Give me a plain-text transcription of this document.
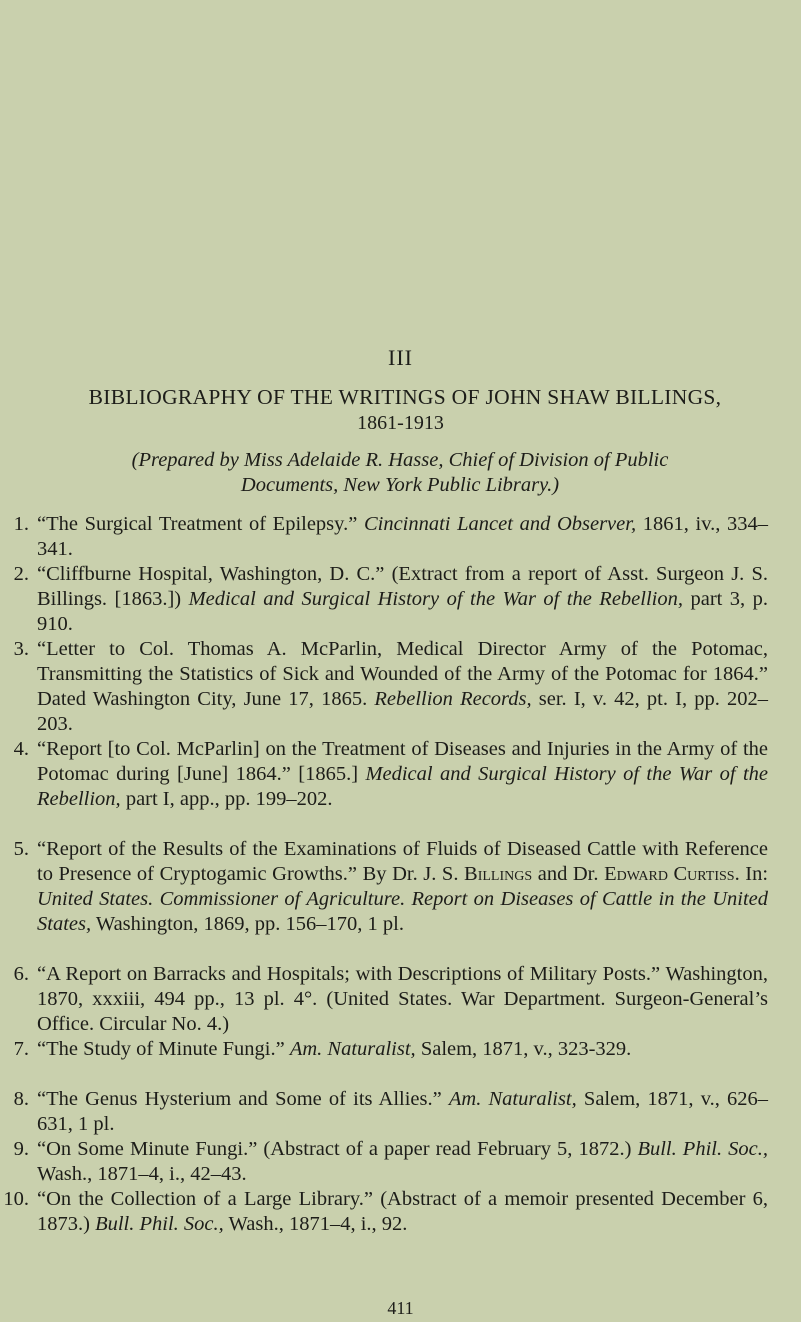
III
BIBLIOGRAPHY OF THE WRITINGS OF JOHN SHAW BILLINGS,
1861-1913
(Prepared by Miss Adelaide R. Hasse, Chief of Division of Public Documents, New York Public Library.)
1. “The Surgical Treatment of Epilepsy.” Cincinnati Lancet and Observer, 1861, iv., 334–341.
2. “Cliffburne Hospital, Washington, D. C.” (Extract from a report of Asst. Surgeon J. S. Billings. [1863.]) Medical and Surgical History of the War of the Rebellion, part 3, p. 910.
3. “Letter to Col. Thomas A. McParlin, Medical Director Army of the Potomac, Transmitting the Statistics of Sick and Wounded of the Army of the Potomac for 1864.” Dated Washington City, June 17, 1865. Rebellion Records, ser. I, v. 42, pt. I, pp. 202–203.
4. “Report [to Col. McParlin] on the Treatment of Diseases and Injuries in the Army of the Potomac during [June] 1864.” [1865.] Medical and Surgical History of the War of the Rebellion, part I, app., pp. 199–202.
5. “Report of the Results of the Examinations of Fluids of Diseased Cattle with Reference to Presence of Cryptogamic Growths.” By Dr. J. S. Billings and Dr. Edward Curtiss. In: United States. Commissioner of Agriculture. Report on Diseases of Cattle in the United States, Washington, 1869, pp. 156–170, 1 pl.
6. “A Report on Barracks and Hospitals; with Descriptions of Military Posts.” Washington, 1870, xxxiii, 494 pp., 13 pl. 4°. (United States. War Department. Surgeon-General’s Office. Circular No. 4.)
7. “The Study of Minute Fungi.” Am. Naturalist, Salem, 1871, v., 323-329.
8. “The Genus Hysterium and Some of its Allies.” Am. Naturalist, Salem, 1871, v., 626–631, 1 pl.
9. “On Some Minute Fungi.” (Abstract of a paper read February 5, 1872.) Bull. Phil. Soc., Wash., 1871–4, i., 42–43.
10. “On the Collection of a Large Library.” (Abstract of a memoir presented December 6, 1873.) Bull. Phil. Soc., Wash., 1871–4, i., 92.
411
